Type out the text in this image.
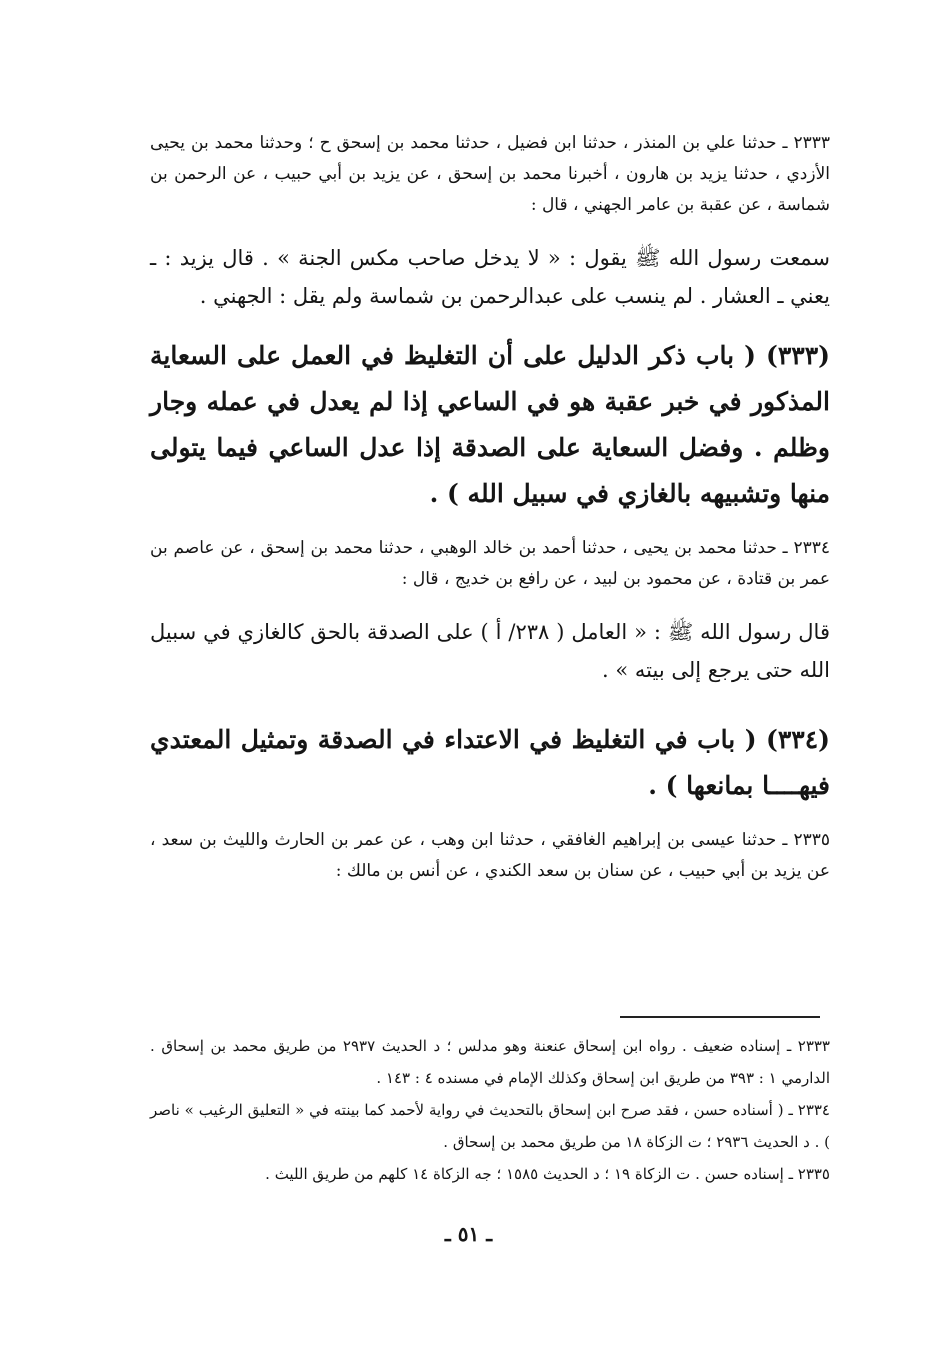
٢٣٣٣ ـ حدثنا علي بن المنذر ، حدثنا ابن فضيل ، حدثنا محمد بن إسحق ح ؛ وحدثنا محمد بن يحيى الأزدي ، حدثنا يزيد بن هارون ، أخبرنا محمد بن إسحق ، عن يزيد بن أبي حبيب ، عن الرحمن بن شماسة ، عن عقبة بن عامر الجهني ، قال :

سمعت رسول الله ﷺ يقول : « لا يدخل صاحب مكس الجنة » . قال يزيد : ـ يعني ـ العشار . لم ينسب على عبدالرحمن بن شماسة ولم يقل : الجهني .

(٣٣٣) ( باب ذكر الدليل على أن التغليظ في العمل على السعاية المذكور في خبر عقبة هو في الساعي إذا لم يعدل في عمله وجار وظلم . وفضل السعاية على الصدقة إذا عدل الساعي فيما يتولى منها وتشبيهه بالغازي في سبيل الله ) .

٢٣٣٤ ـ حدثنا محمد بن يحيى ، حدثنا أحمد بن خالد الوهبي ، حدثنا محمد بن إسحق ، عن عاصم بن عمر بن قتادة ، عن محمود بن لبيد ، عن رافع بن خديج ، قال :

قال رسول الله ﷺ : « العامل ( ٢٣٨/ أ ) على الصدقة بالحق كالغازي في سبيل الله حتى يرجع إلى بيته » .

(٣٣٤) ( باب في التغليظ في الاعتداء في الصدقة وتمثيل المعتدي فيهــــا بمانعها ) .

٢٣٣٥ ـ حدثنا عيسى بن إبراهيم الغافقي ، حدثنا ابن وهب ، عن عمر بن الحارث والليث بن سعد ، عن يزيد بن أبي حبيب ، عن سنان بن سعد الكندي ، عن أنس بن مالك :

٢٣٣٣ ـ إسناده ضعيف . رواه ابن إسحاق عنعنة وهو مدلس ؛ د الحديث ٢٩٣٧ من طريق محمد بن إسحاق . الدارمي ١ : ٣٩٣ من طريق ابن إسحاق وكذلك الإمام في مسنده ٤ : ١٤٣ .

٢٣٣٤ ـ ( أسناده حسن ، فقد صرح ابن إسحاق بالتحديث في رواية لأحمد كما بينته في « التعليق الرغيب » ناصر ) . د الحديث ٢٩٣٦ ؛ ت الزكاة ١٨ من طريق محمد بن إسحاق .

٢٣٣٥ ـ إسناده حسن . ت الزكاة ١٩ ؛ د الحديث ١٥٨٥ ؛ جه الزكاة ١٤ كلهم من طريق الليث .

ـ ٥١ ـ
